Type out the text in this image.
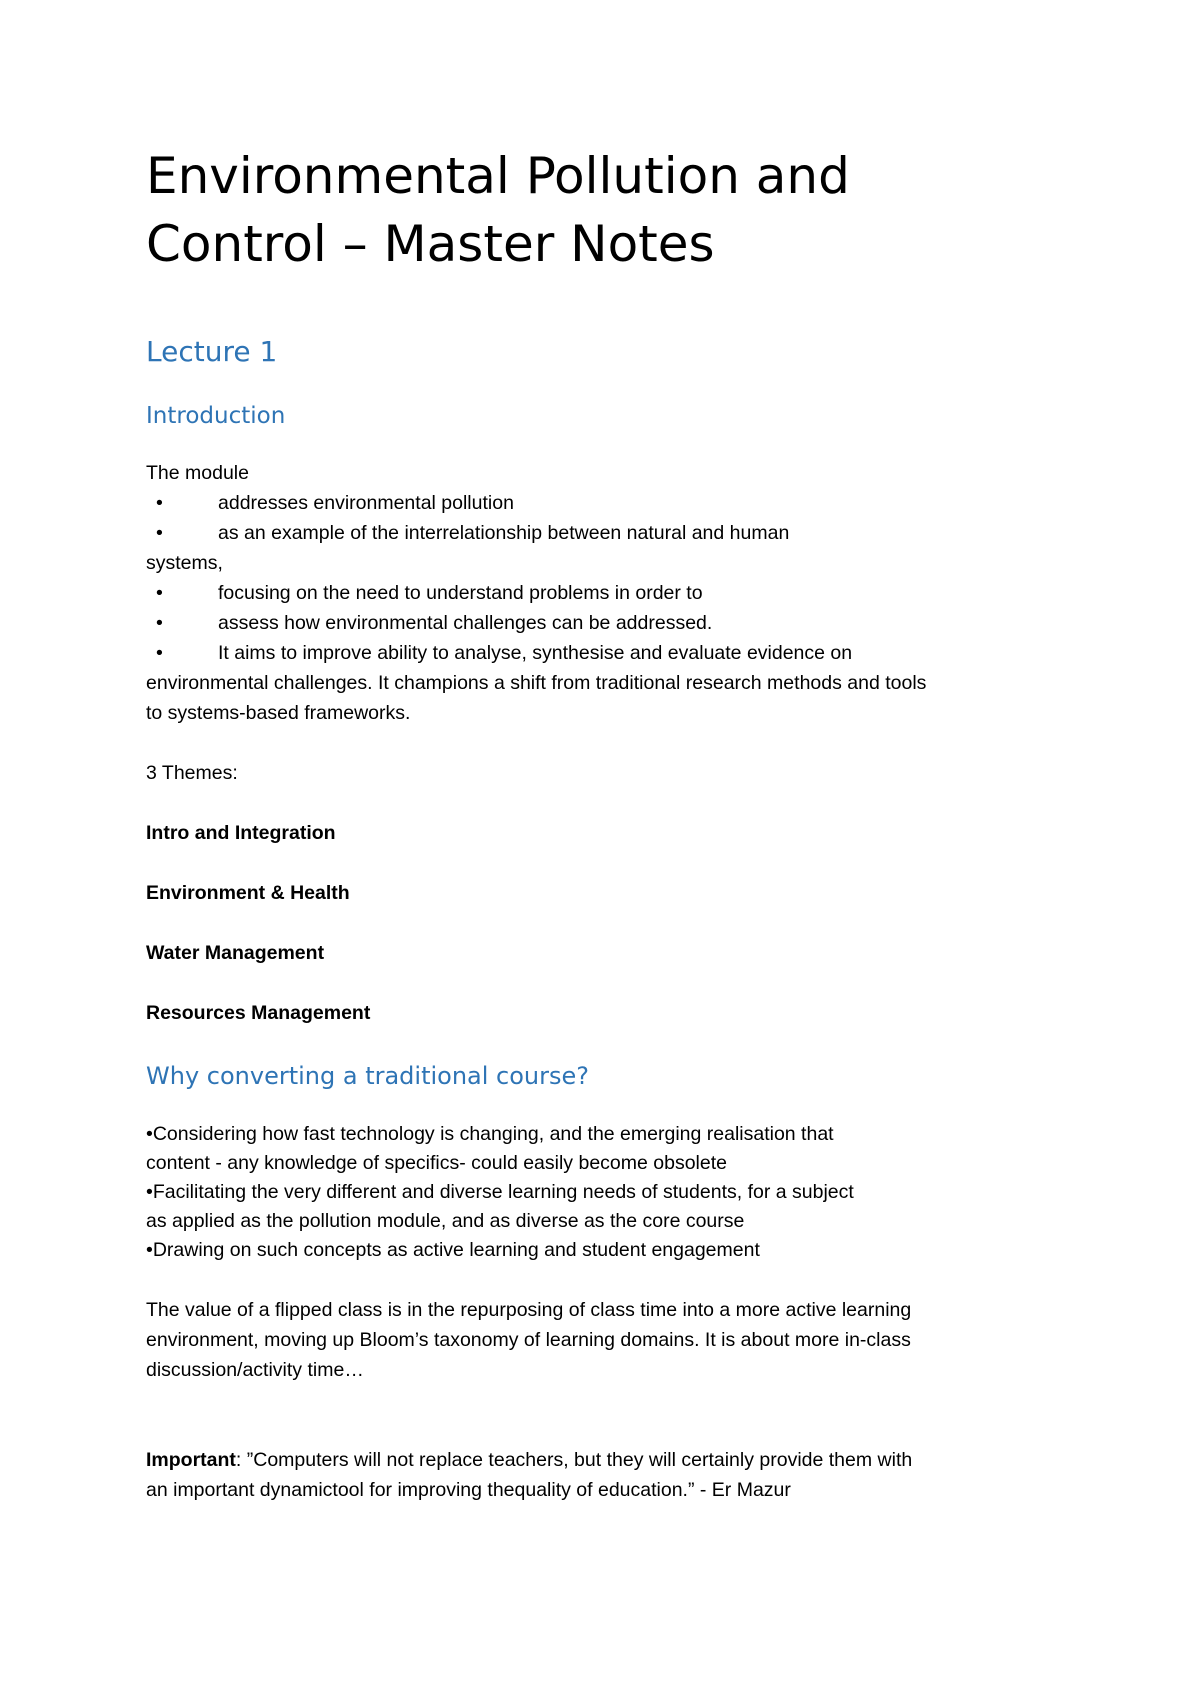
Environmental Pollution and
Control – Master Notes
Lecture 1
Introduction
The module
•	addresses environmental pollution
•	as an example of the interrelationship between natural and human
systems,
•	focusing on the need to understand problems in order to
•	assess how environmental challenges can be addressed.
•	It aims to improve ability to analyse, synthesise and evaluate evidence on
environmental challenges. It champions a shift from traditional research methods and tools
to systems-based frameworks.
3 Themes:
Intro and Integration
Environment & Health
Water Management
Resources Management
Why converting a traditional course?
•Considering how fast technology is changing, and the emerging realisation that
content - any knowledge of specifics- could easily become obsolete
•Facilitating the very different and diverse learning needs of students, for a subject
as applied as the pollution module, and as diverse as the core course
•Drawing on such concepts as active learning and student engagement
The value of a flipped class is in the repurposing of class time into a more active learning
environment, moving up Bloom’s taxonomy of learning domains. It is about more in-class
discussion/activity time…
Important: ”Computers will not replace teachers, but they will certainly provide them with
an important dynamictool for improving thequality of education.” - Er Mazur
